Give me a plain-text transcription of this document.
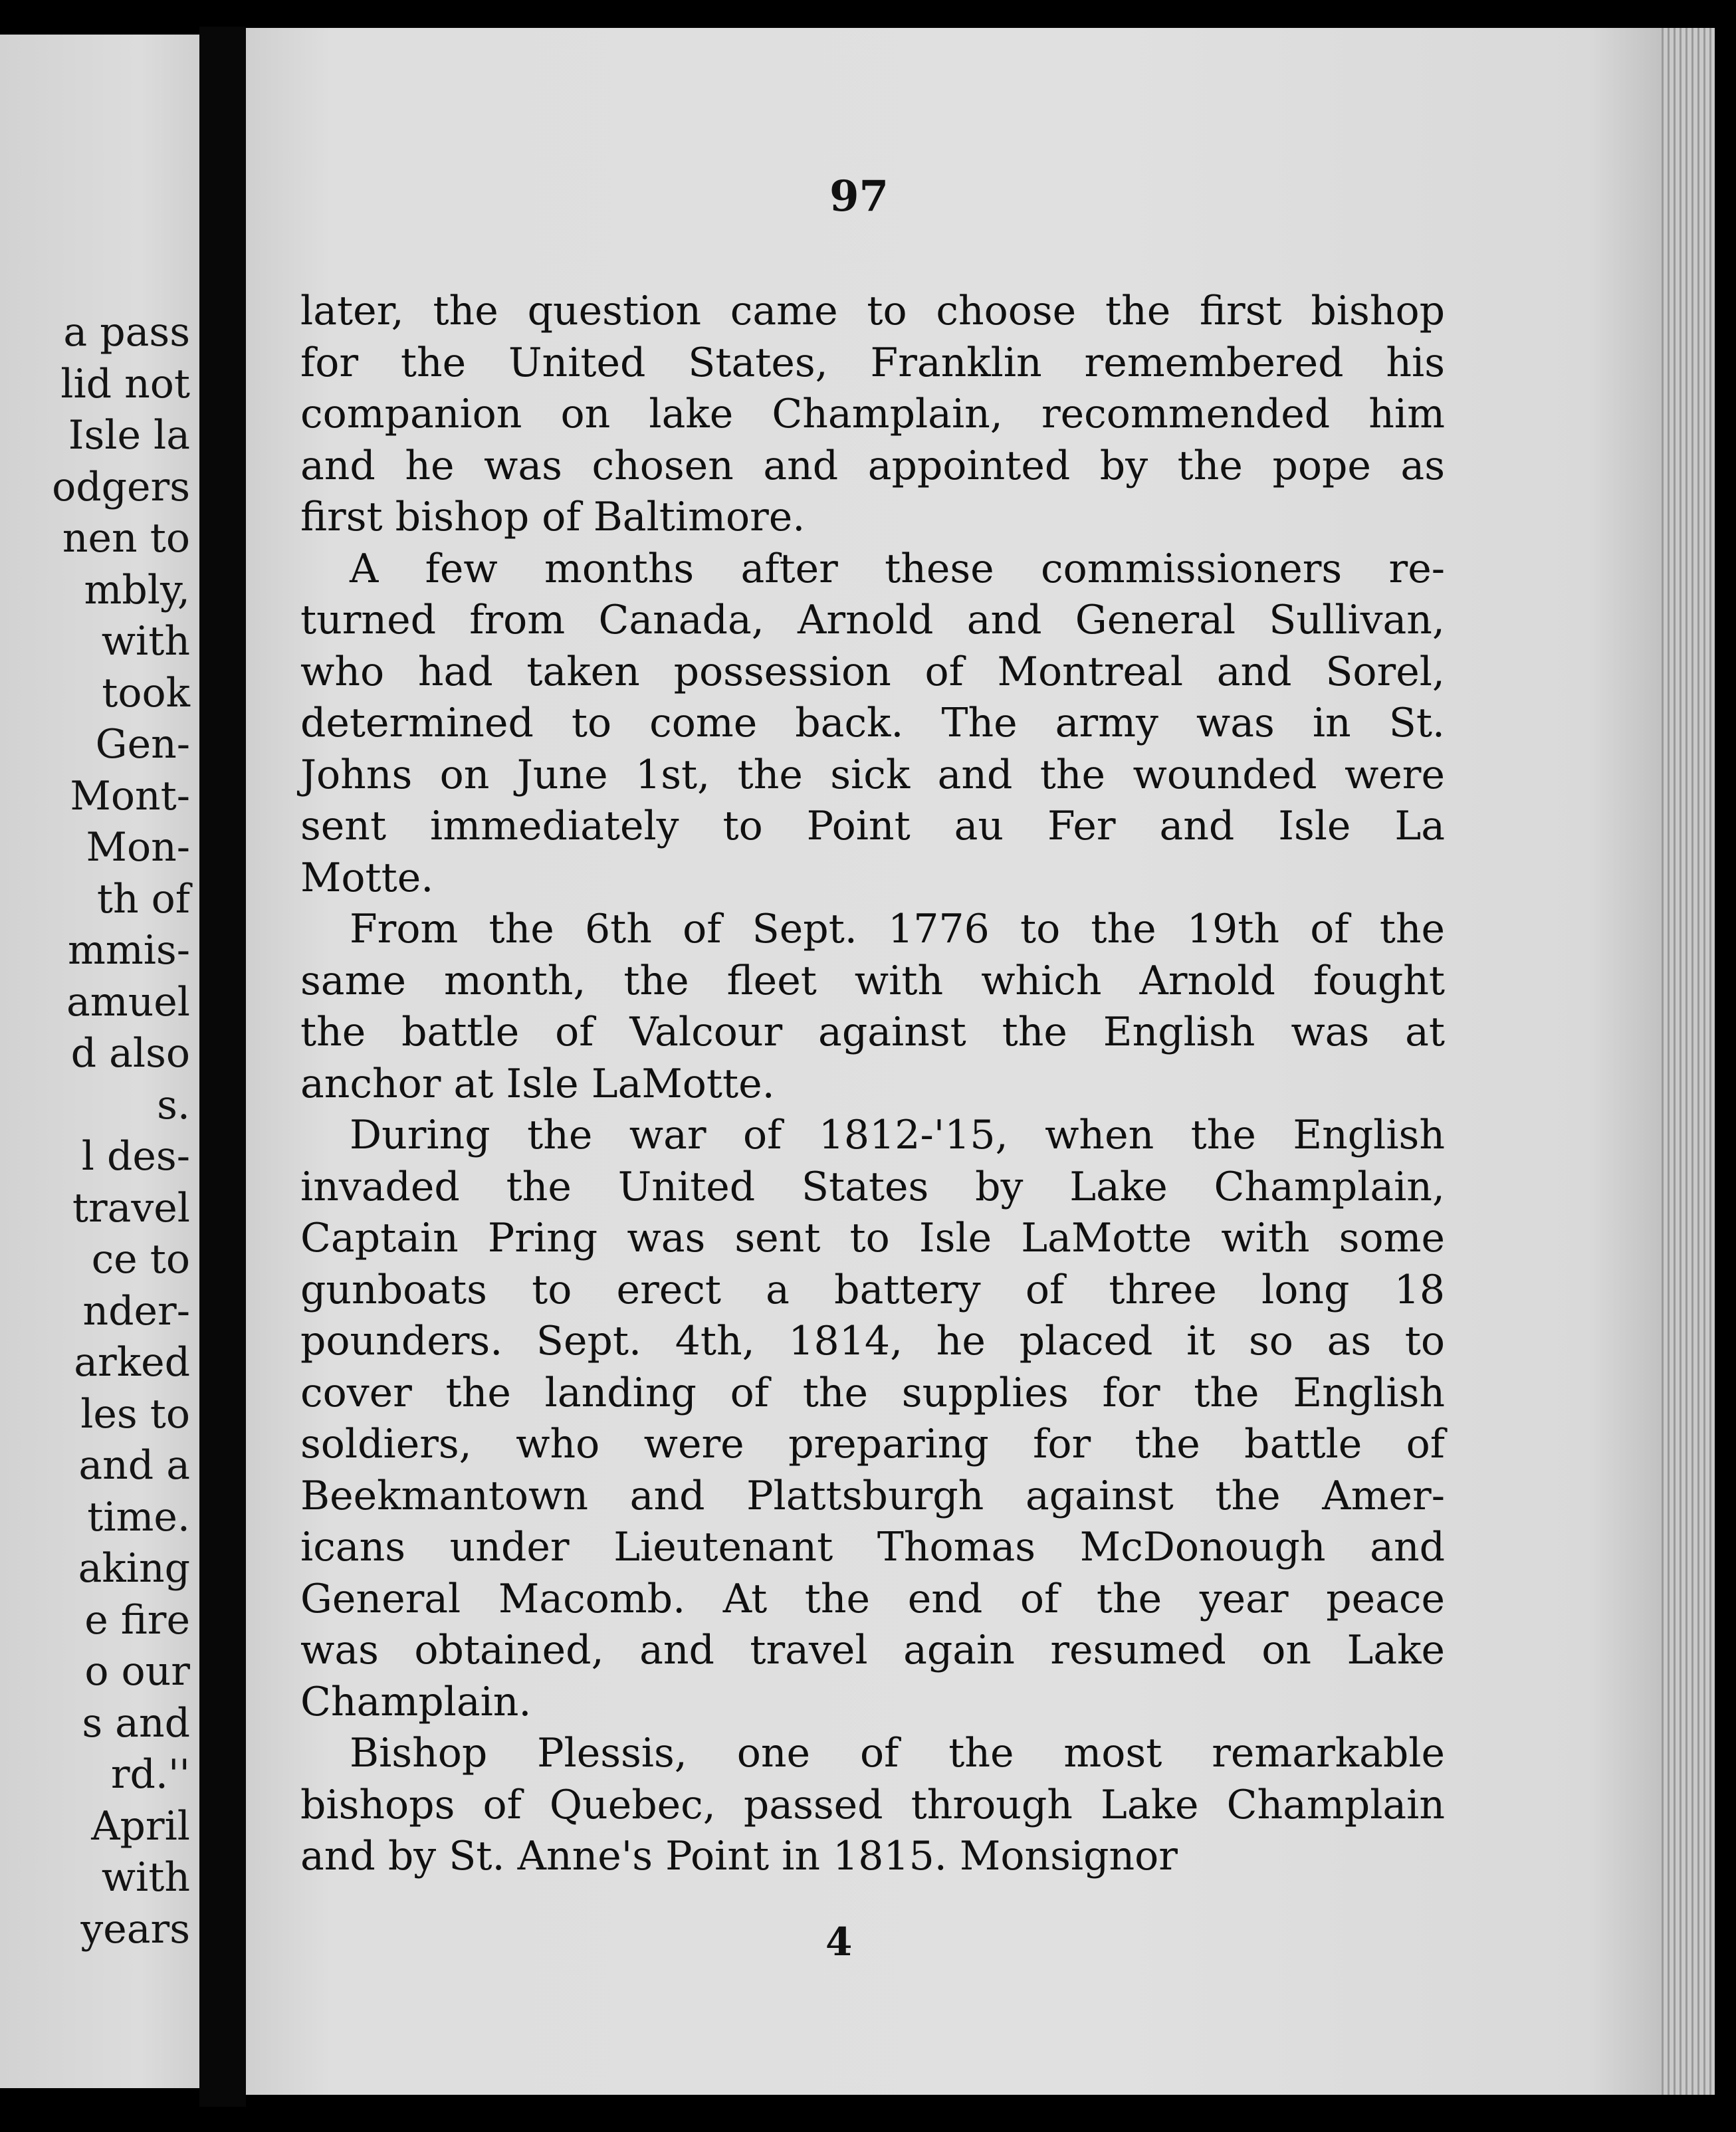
a pass
lid not
Isle la
odgers
nen to
mbly,
with
took
Gen-
Mont-
Mon-
th of
mmis-
amuel
d also
s.
l des-
travel
ce to
nder-
arked
les to
and a
time.
aking
e fire
o our
s and
rd.''
April
with
years
97
later, the question came to choose the first bishop
for the United States, Franklin remembered his
companion on lake Champlain, recommended him
and he was chosen and appointed by the pope as
first bishop of Baltimore.
A few months after these commissioners re-
turned from Canada, Arnold and General Sullivan,
who had taken possession of Montreal and Sorel,
determined to come back. The army was in St.
Johns on June 1st, the sick and the wounded were
sent immediately to Point au Fer and Isle La
Motte.
From the 6th of Sept. 1776 to the 19th of the
same month, the fleet with which Arnold fought
the battle of Valcour against the English was at
anchor at Isle LaMotte.
During the war of 1812-'15, when the English
invaded the United States by Lake Champlain,
Captain Pring was sent to Isle LaMotte with some
gunboats to erect a battery of three long 18
pounders. Sept. 4th, 1814, he placed it so as to
cover the landing of the supplies for the English
soldiers, who were preparing for the battle of
Beekmantown and Plattsburgh against the Amer-
icans under Lieutenant Thomas McDonough and
General Macomb. At the end of the year peace
was obtained, and travel again resumed on Lake
Champlain.
Bishop Plessis, one of the most remarkable
bishops of Quebec, passed through Lake Champlain
and by St. Anne's Point in 1815. Monsignor
4
